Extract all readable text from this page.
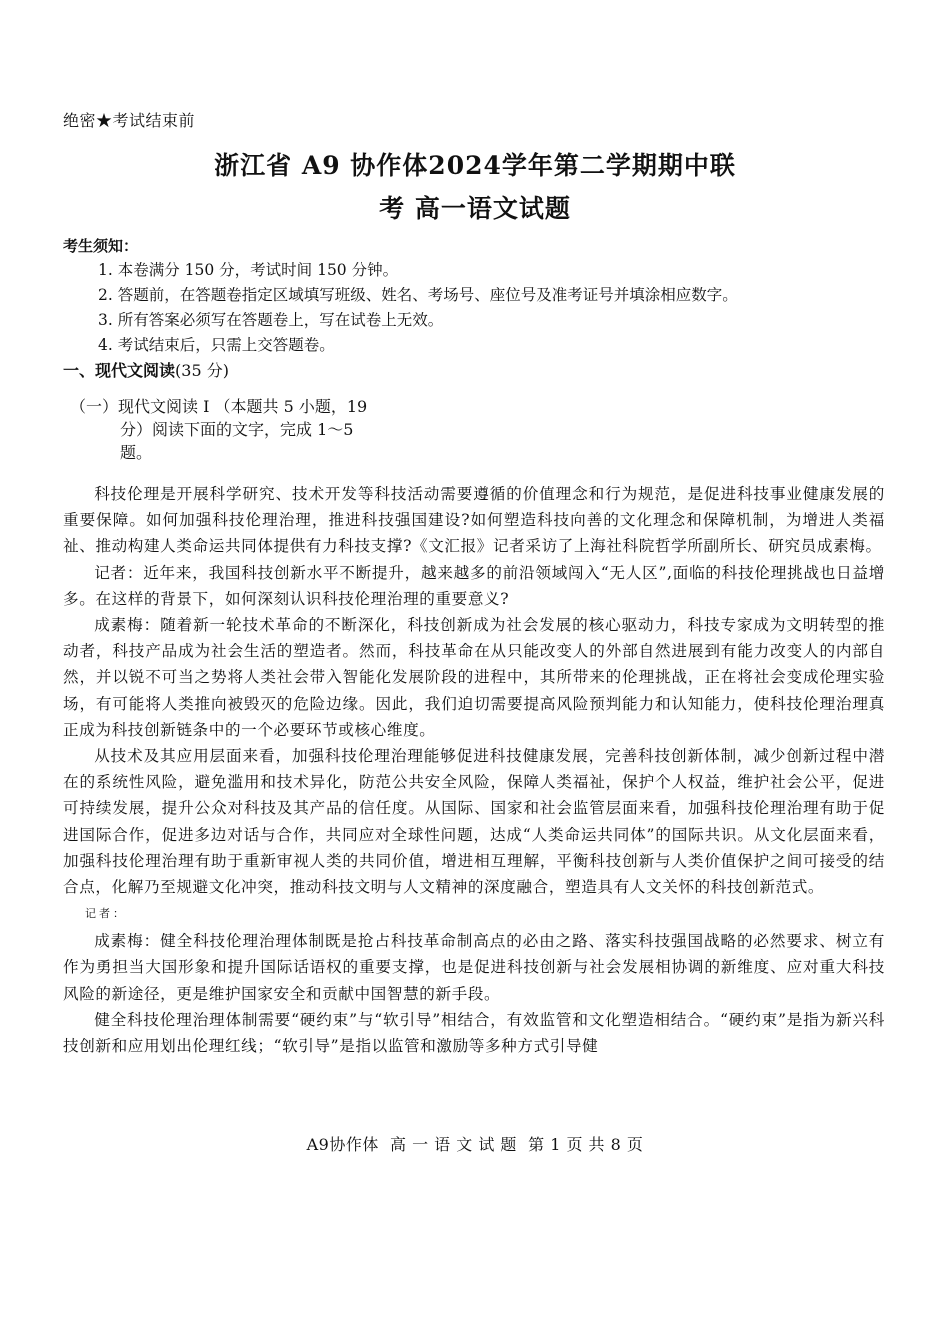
绝密★考试结束前
浙江省 A9 协作体2024学年第二学期期中联
考 高一语文试题
考生须知：
1. 本卷满分 150 分，考试时间 150 分钟。
2. 答题前，在答题卷指定区域填写班级、姓名、考场号、座位号及准考证号并填涂相应数字。
3. 所有答案必须写在答题卷上，写在试卷上无效。
4. 考试结束后，只需上交答题卷。
一、现代文阅读(35 分)
（一）现代文阅读 I （本题共 5 小题，19
分）阅读下面的文字，完成 1～5
题。

科技伦理是开展科学研究、技术开发等科技活动需要遵循的价值理念和行为规范，是促进科技事业健康发展的重要保障。如何加强科技伦理治理，推进科技强国建设?如何塑造科技向善的文化理念和保障机制，为增进人类福祉、推动构建人类命运共同体提供有力科技支撑?《文汇报》记者采访了上海社科院哲学所副所长、研究员成素梅。

记者：近年来，我国科技创新水平不断提升，越来越多的前沿领域闯入“无人区”,面临的科技伦理挑战也日益增多。在这样的背景下，如何深刻认识科技伦理治理的重要意义?

成素梅：随着新一轮技术革命的不断深化，科技创新成为社会发展的核心驱动力，科技专家成为文明转型的推动者，科技产品成为社会生活的塑造者。然而，科技革命在从只能改变人的外部自然进展到有能力改变人的内部自然，并以锐不可当之势将人类社会带入智能化发展阶段的进程中，其所带来的伦理挑战，正在将社会变成伦理实验场，有可能将人类推向被毁灭的危险边缘。因此，我们迫切需要提高风险预判能力和认知能力，使科技伦理治理真正成为科技创新链条中的一个必要环节或核心维度。

从技术及其应用层面来看，加强科技伦理治理能够促进科技健康发展，完善科技创新体制，减少创新过程中潜在的系统性风险，避免滥用和技术异化，防范公共安全风险，保障人类福祉，保护个人权益，维护社会公平，促进可持续发展，提升公众对科技及其产品的信任度。从国际、国家和社会监管层面来看，加强科技伦理治理有助于促进国际合作，促进多边对话与合作，共同应对全球性问题，达成“人类命运共同体”的国际共识。从文化层面来看，加强科技伦理治理有助于重新审视人类的共同价值，增进相互理解，平衡科技创新与人类价值保护之间可接受的结合点，化解乃至规避文化冲突，推动科技文明与人文精神的深度融合，塑造具有人文关怀的科技创新范式。

记者：

成素梅：健全科技伦理治理体制既是抢占科技革命制高点的必由之路、落实科技强国战略的必然要求、树立有作为勇担当大国形象和提升国际话语权的重要支撑，也是促进科技创新与社会发展相协调的新维度、应对重大科技风险的新途径，更是维护国家安全和贡献中国智慧的新手段。

健全科技伦理治理体制需要“硬约束”与“软引导”相结合，有效监管和文化塑造相结合。“硬约束”是指为新兴科技创新和应用划出伦理红线；“软引导”是指以监管和激励等多种方式引导健

A9协作体  高 一 语 文 试 题  第 1 页 共 8 页
